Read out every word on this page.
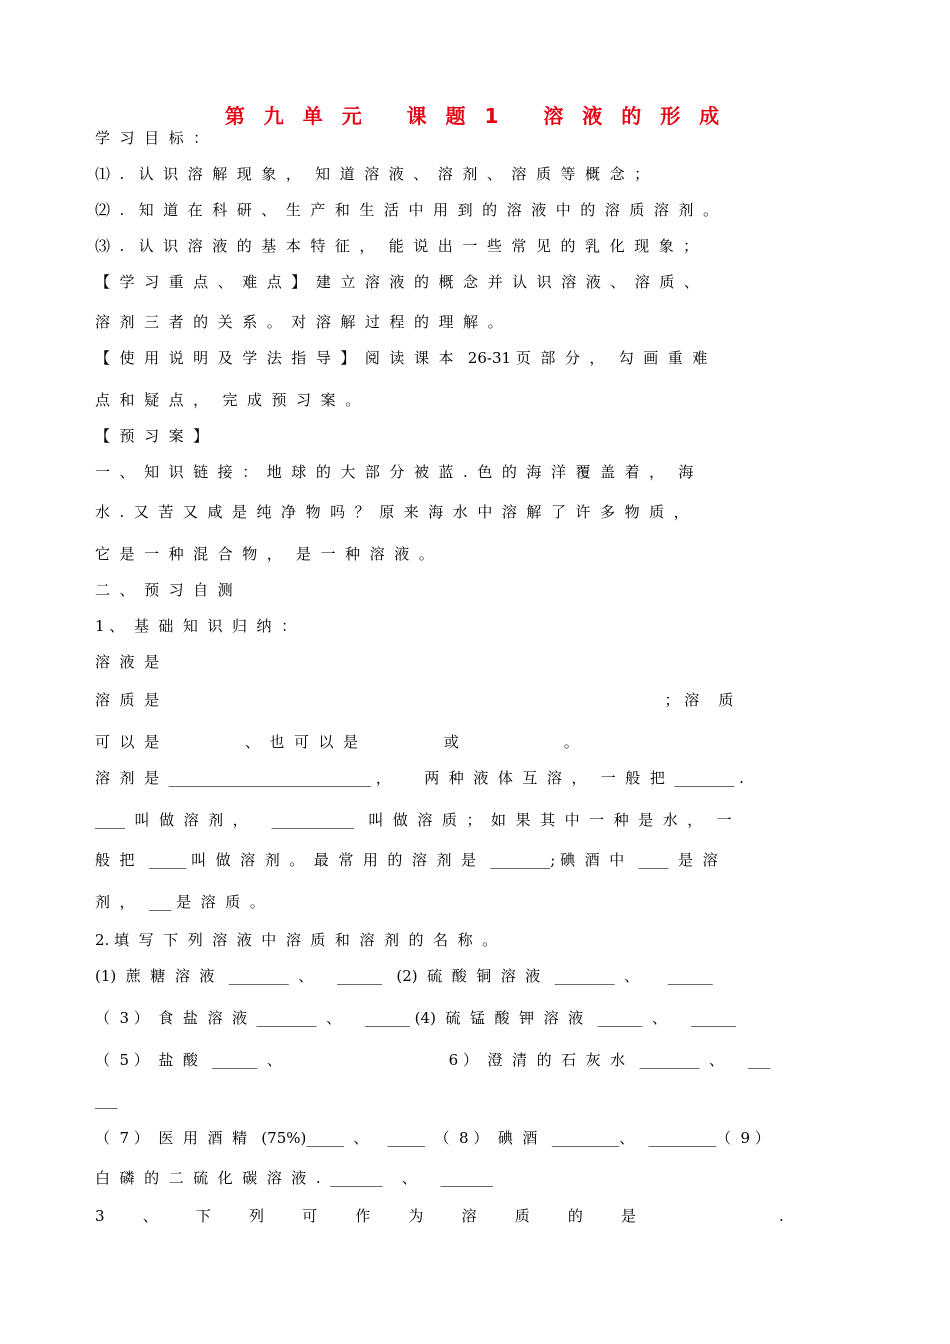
第 九 单 元   课 题 1   溶 液 的 形 成
学  习  目  标  ：
⑴  .   认  识  溶  解  现  象  ，   知  道  溶  液  、  溶  剂  、  溶  质  等  概  念  ；
⑵  .   知  道  在  科  研  、  生  产  和  生  活  中  用  到  的  溶  液  中  的  溶  质  溶  剂  。
⑶  .   认  识  溶  液  的  基  本  特  征  ，   能  说  出  一  些  常  见  的  乳  化  现  象  ；
【  学  习  重  点  、  难  点  】  建  立  溶  液  的  概  念  并  认  识  溶  液  、  溶  质  、
溶  剂  三  者  的  关  系  。  对  溶  解  过  程  的  理  解  。
【  使  用  说  明  及  学  法  指  导  】  阅  读  课  本   26-31 页  部  分  ，   勾  画  重  难
点  和  疑  点  ，   完  成  预  习  案  。
【  预  习  案  】
一  、  知  识  链  接  ：  地  球  的  大  部  分  被  蓝  .  色  的  海  洋  覆  盖  着  ，   海
水  .  又  苦  又  咸  是  纯  净  物  吗  ？  原  来  海  水  中  溶  解  了  许  多  物  质  ，
它  是  一  种  混  合  物  ，   是  一  种  溶  液  。
二  、  预  习  自  测
1 、  基  础  知  识  归  纳  ：
溶  液  是
溶  质  是                                                                                                          ； 溶    质
可  以  是                  、  也  可  以  是                  或                      。
溶  剂  是  ___________________________ ，       两  种  液  体  互  溶  ，   一  般  把  ________ .
____  叫  做  溶  剂  ，     ___________   叫  做  溶  质  ；  如  果  其  中  一  种  是  水  ，   一
般  把   _____ 叫  做  溶  剂  。  最  常  用  的  溶  剂  是   ________; 碘  酒  中   ____  是  溶
剂  ，   ___ 是  溶  质  。
2. 填  写  下  列  溶  液  中  溶  质  和  溶  剂  的  名  称  。
(1)  蔗  糖  溶  液   ________  、     ______   (2)  硫  酸  铜  溶  液   ________  、      ______
（  3 ）  食  盐  溶  液  ________  、     ______ (4)  硫  锰  酸  钾  溶  液   ______  、     ______
（  5 ）  盐  酸   ______  、                                   6 ）  澄  清  的  石  灰  水   ________  、     ___
___
（  7 ）  医  用  酒  精   (75%)_____  、    _____  （  8 ）  碘  酒   _________、   _________（  9 ）
白  磷  的  二  硫  化  碳  溶  液  .  _______    、     _______
3        、        下        列        可        作        为        溶        质        的        是                              .
